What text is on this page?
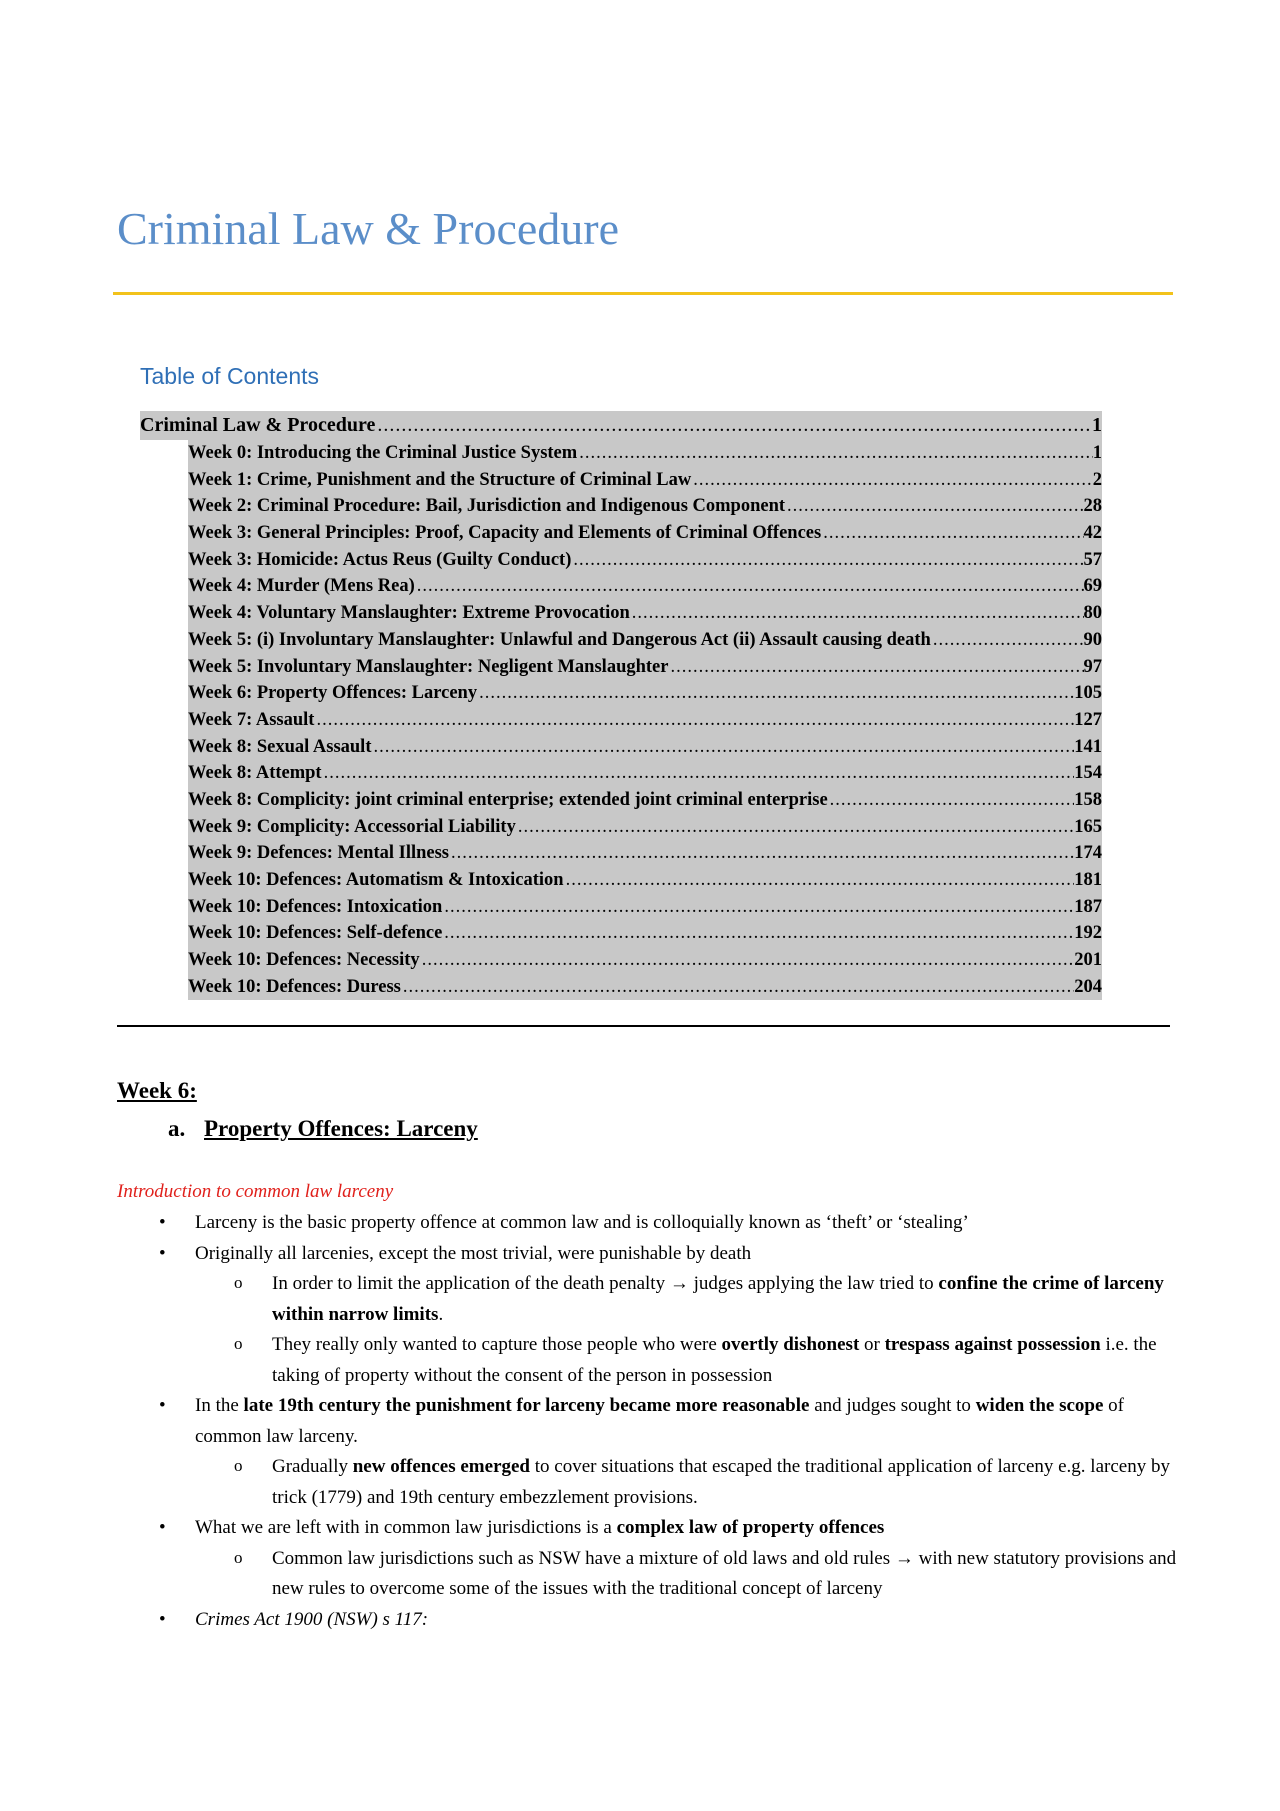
Criminal Law & Procedure
Table of Contents
Criminal Law & Procedure .....	1
Week 0: Introducing the Criminal Justice System .....	1
Week 1: Crime, Punishment and the Structure of Criminal Law .....	2
Week 2: Criminal Procedure: Bail, Jurisdiction and Indigenous Component .....	28
Week 3: General Principles: Proof, Capacity and Elements of Criminal Offences .....	42
Week 3: Homicide: Actus Reus (Guilty Conduct) .....	57
Week 4: Murder (Mens Rea) .....	69
Week 4: Voluntary Manslaughter: Extreme Provocation .....	80
Week 5: (i) Involuntary Manslaughter: Unlawful and Dangerous Act (ii) Assault causing death .....	90
Week 5: Involuntary Manslaughter: Negligent Manslaughter .....	97
Week 6: Property Offences: Larceny .....	105
Week 7: Assault .....	127
Week 8: Sexual Assault .....	141
Week 8: Attempt .....	154
Week 8: Complicity: joint criminal enterprise; extended joint criminal enterprise .....	158
Week 9: Complicity: Accessorial Liability .....	165
Week 9: Defences: Mental Illness .....	174
Week 10: Defences: Automatism & Intoxication .....	181
Week 10: Defences: Intoxication .....	187
Week 10: Defences: Self-defence .....	192
Week 10: Defences: Necessity .....	201
Week 10: Defences: Duress .....	204
Week 6:
a. Property Offences: Larceny
Introduction to common law larceny
• Larceny is the basic property offence at common law and is colloquially known as ‘theft’ or ‘stealing’
• Originally all larcenies, except the most trivial, were punishable by death
o In order to limit the application of the death penalty → judges applying the law tried to confine the crime of larceny within narrow limits.
o They really only wanted to capture those people who were overtly dishonest or trespass against possession i.e. the taking of property without the consent of the person in possession
• In the late 19th century the punishment for larceny became more reasonable and judges sought to widen the scope of common law larceny.
o Gradually new offences emerged to cover situations that escaped the traditional application of larceny e.g. larceny by trick (1779) and 19th century embezzlement provisions.
• What we are left with in common law jurisdictions is a complex law of property offences
o Common law jurisdictions such as NSW have a mixture of old laws and old rules → with new statutory provisions and new rules to overcome some of the issues with the traditional concept of larceny
• Crimes Act 1900 (NSW) s 117:
